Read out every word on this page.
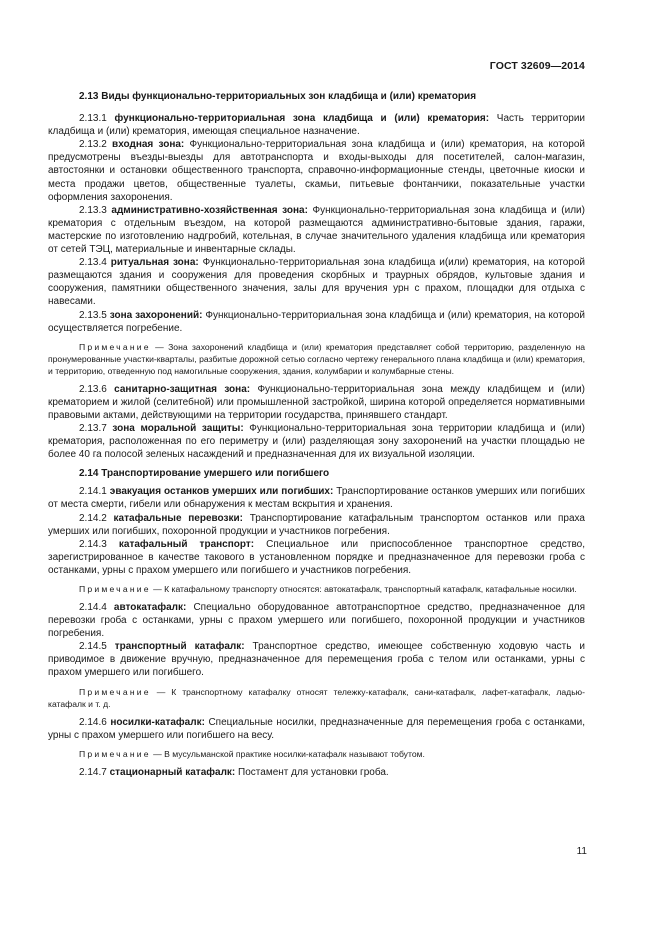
ГОСТ 32609—2014

2.13 Виды функционально-территориальных зон кладбища и (или) крематория

2.13.1 функционально-территориальная зона кладбища и (или) крематория: Часть территории кладбища и (или) крематория, имеющая специальное назначение.

2.13.2 входная зона: Функционально-территориальная зона кладбища и (или) крематория, на которой предусмотрены въезды-выезды для автотранспорта и входы-выходы для посетителей, салон-магазин, автостоянки и остановки общественного транспорта, справочно-информационные стенды, цветочные киоски и места продажи цветов, общественные туалеты, скамьи, питьевые фонтанчики, показательные участки оформления захоронения.

2.13.3 административно-хозяйственная зона: Функционально-территориальная зона кладбища и (или) крематория с отдельным въездом, на которой размещаются административно-бытовые здания, гаражи, мастерские по изготовлению надгробий, котельная, в случае значительного удаления кладбища или крематория от сетей ТЭЦ, материальные и инвентарные склады.

2.13.4 ритуальная зона: Функционально-территориальная зона кладбища и(или) крематория, на которой размещаются здания и сооружения для проведения скорбных и траурных обрядов, культовые здания и сооружения, памятники общественного значения, залы для вручения урн с прахом, площадки для отдыха с навесами.

2.13.5 зона захоронений: Функционально-территориальная зона кладбища и (или) крематория, на которой осуществляется погребение.

Примечание — Зона захоронений кладбища и (или) крематория представляет собой территорию, разделенную на пронумерованные участки-кварталы, разбитые дорожной сетью согласно чертежу генерального плана кладбища и (или) крематория, и территорию, отведенную под намогильные сооружения, здания, колумбарии и колумбарные стены.

2.13.6 санитарно-защитная зона: Функционально-территориальная зона между кладбищем и (или) крематорием и жилой (селитебной) или промышленной застройкой, ширина которой определяется нормативными правовыми актами, действующими на территории государства, принявшего стандарт.

2.13.7 зона моральной защиты: Функционально-территориальная зона территории кладбища и (или) крематория, расположенная по его периметру и (или) разделяющая зону захоронений на участки площадью не более 40 га полосой зеленых насаждений и предназначенная для их визуальной изоляции.

2.14 Транспортирование умершего или погибшего

2.14.1 эвакуация останков умерших или погибших: Транспортирование останков умерших или погибших от места смерти, гибели или обнаружения к местам вскрытия и хранения.

2.14.2 катафальные перевозки: Транспортирование катафальным транспортом останков или праха умерших или погибших, похоронной продукции и участников погребения.

2.14.3 катафальный транспорт: Специальное или приспособленное транспортное средство, зарегистрированное в качестве такового в установленном порядке и предназначенное для перевозки гроба с останками, урны с прахом умершего или погибшего и участников погребения.

Примечание — К катафальному транспорту относятся: автокатафалк, транспортный катафалк, катафальные носилки.

2.14.4 автокатафалк: Специально оборудованное автотранспортное средство, предназначенное для перевозки гроба с останками, урны с прахом умершего или погибшего, похоронной продукции и участников погребения.

2.14.5 транспортный катафалк: Транспортное средство, имеющее собственную ходовую часть и приводимое в движение вручную, предназначенное для перемещения гроба с телом или останками, урны с прахом умершего или погибшего.

Примечание — К транспортному катафалку относят тележку-катафалк, сани-катафалк, лафет-катафалк, ладью-катафалк и т. д.

2.14.6 носилки-катафалк: Специальные носилки, предназначенные для перемещения гроба с останками, урны с прахом умершего или погибшего на весу.

Примечание — В мусульманской практике носилки-катафалк называют тобутом.

2.14.7 стационарный катафалк: Постамент для установки гроба.

11
